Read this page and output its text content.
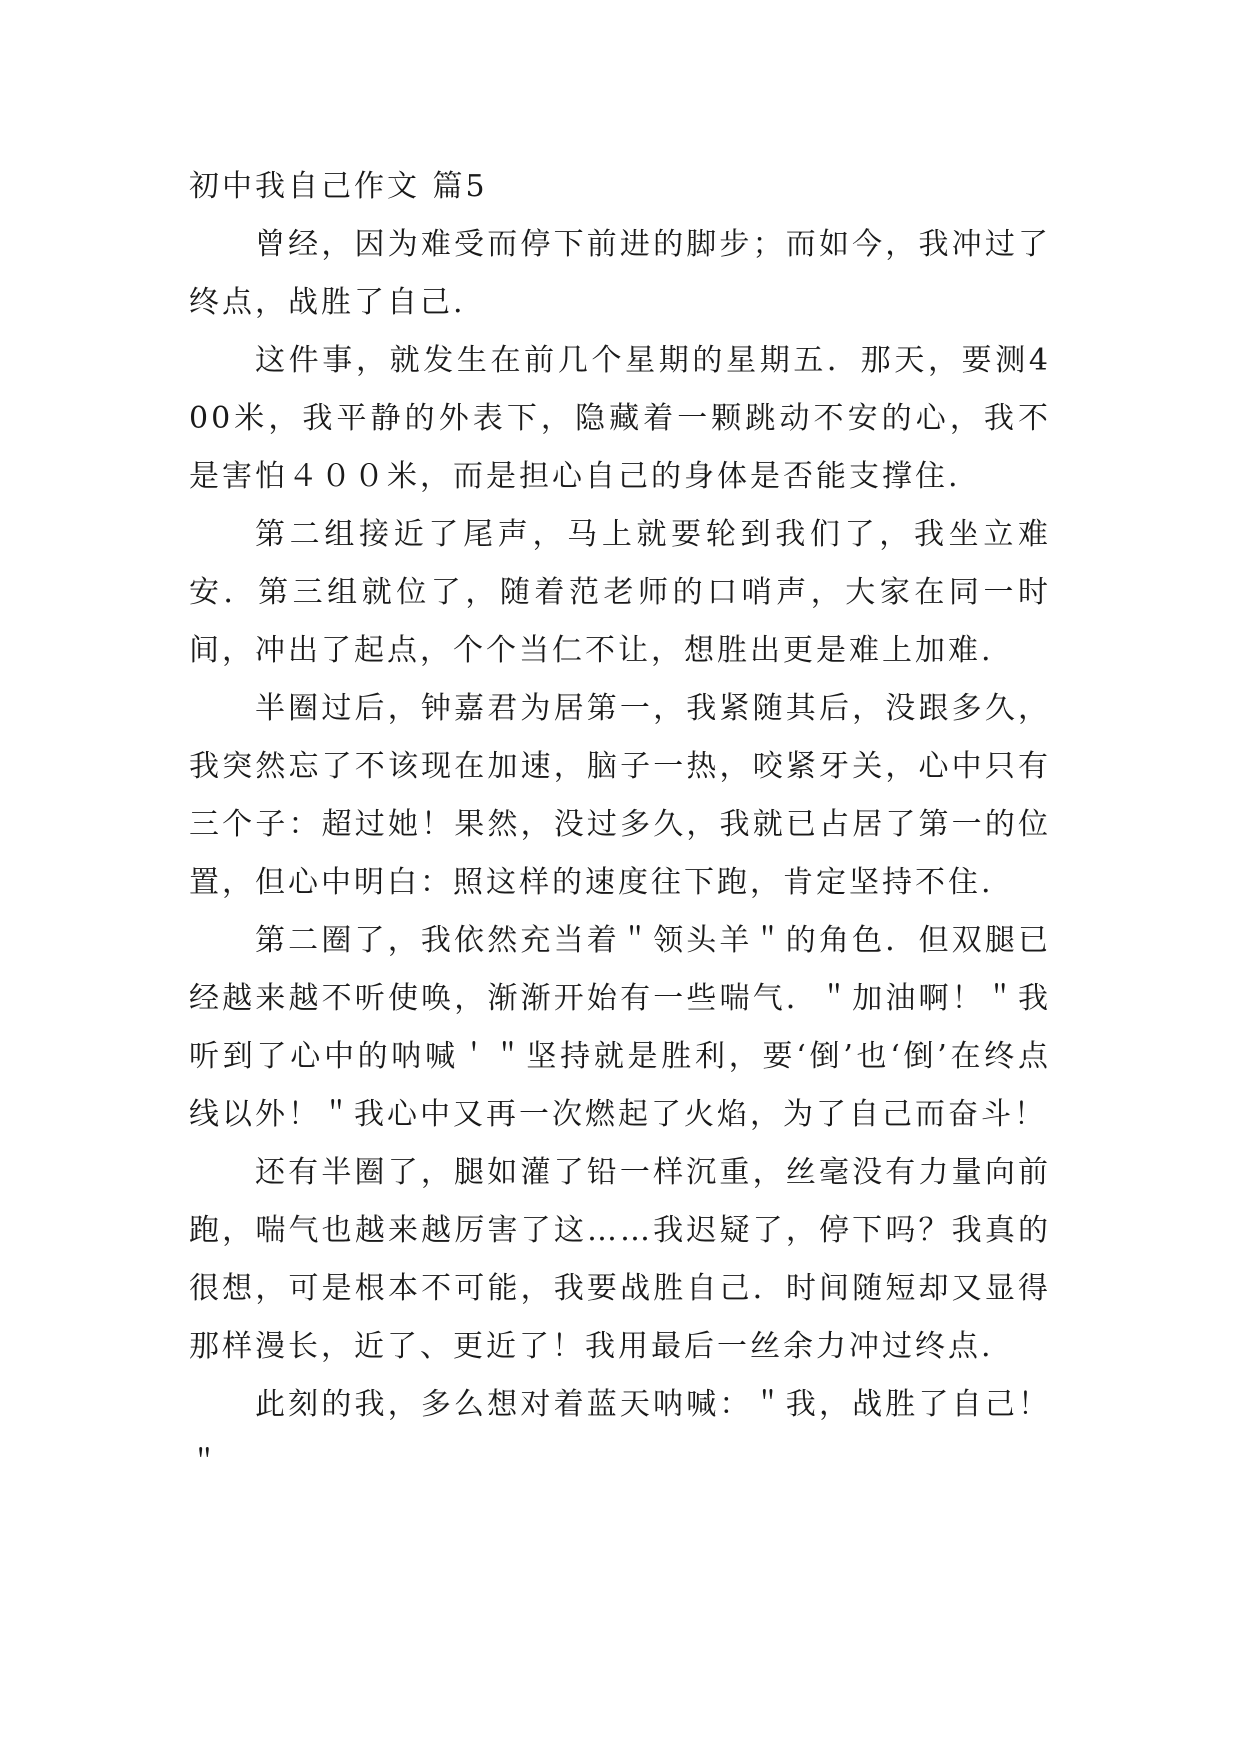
初中我自己作文 篇5

曾经，因为难受而停下前进的脚步；而如今，我冲过了终点，战胜了自己.

这件事，就发生在前几个星期的星期五．那天，要测400米，我平静的外表下，隐藏着一颗跳动不安的心，我不是害怕４００米，而是担心自己的身体是否能支撑住.

第二组接近了尾声，马上就要轮到我们了，我坐立难安．第三组就位了，随着范老师的口哨声，大家在同一时间，冲出了起点，个个当仁不让，想胜出更是难上加难.

半圈过后，钟嘉君为居第一，我紧随其后，没跟多久，我突然忘了不该现在加速，脑子一热，咬紧牙关，心中只有三个子：超过她！果然，没过多久，我就已占居了第一的位置，但心中明白：照这样的速度往下跑，肯定坚持不住.

第二圈了，我依然充当着＂领头羊＂的角色．但双腿已经越来越不听使唤，渐渐开始有一些喘气．＂加油啊！＂我听到了心中的呐喊＇＂坚持就是胜利，要‘倒’也‘倒’在终点线以外！＂我心中又再一次燃起了火焰，为了自己而奋斗！

还有半圈了，腿如灌了铅一样沉重，丝毫没有力量向前跑，喘气也越来越厉害了这……我迟疑了，停下吗？我真的很想，可是根本不可能，我要战胜自己．时间随短却又显得那样漫长，近了、更近了！我用最后一丝余力冲过终点.

此刻的我，多么想对着蓝天呐喊：＂我，战胜了自己！＂
